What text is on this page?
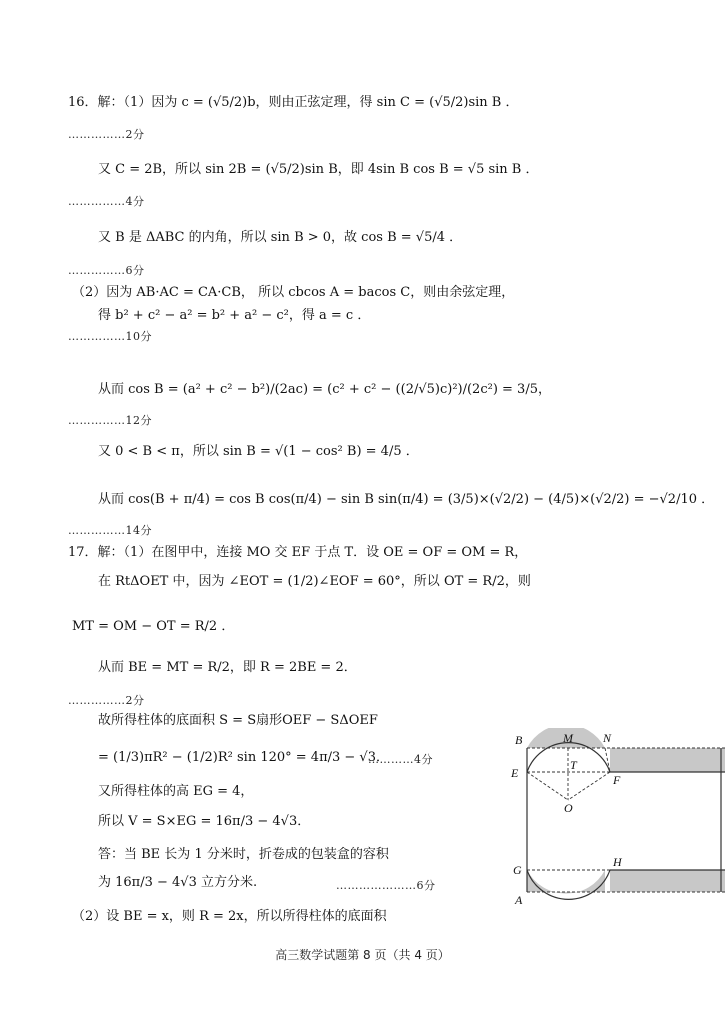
16．解：（1）因为 c = (√5/2)b，则由正弦定理，得 sin C = (√5/2)sin B ．
……………2分
又 C = 2B，所以 sin 2B = (√5/2)sin B，即 4sin B cos B = √5 sin B ．
……………4分
又 B 是 ΔABC 的内角，所以 sin B > 0，故 cos B = √5/4 ．
……………6分
（2）因为 AB·AC = CA·CB， 所以 cbcos A = bacos C，则由余弦定理，
得 b² + c² − a² = b² + a² − c²，得 a = c ．
……………10分
从而 cos B = (a² + c² − b²)/(2ac) = (c² + c² − ((2/√5)c)²)/(2c²) = 3/5，
……………12分
又 0 < B < π，所以 sin B = √(1 − cos² B) = 4/5 ．
从而 cos(B + π/4) = cos B cos(π/4) − sin B sin(π/4) = (3/5)×(√2/2) − (4/5)×(√2/2) = −√2/10 ．
……………14分
17．解：（1）在图甲中，连接 MO 交 EF 于点 T．设 OE = OF = OM = R，
在 RtΔOET 中，因为 ∠EOT = (1/2)∠EOF = 60°，所以 OT = R/2，则
MT = OM − OT = R/2 ．
从而 BE = MT = R/2，即 R = 2BE = 2．
……………2分
故所得柱体的底面积 S = S扇形OEF − SΔOEF
= (1/3)πR² − (1/2)R² sin 120° = 4π/3 − √3．
…………4分
又所得柱体的高 EG = 4，
所以 V = S×EG = 16π/3 − 4√3．
答：当 BE 长为 1 分米时，折卷成的包装盒的容积
为 16π/3 − 4√3 立方分米.	…………………6分
（2）设 BE = x，则 R = 2x，所以所得柱体的底面积
B	M	N
E
T
F
O
G
H
A
高三数学试题第 8 页（共 4 页）
